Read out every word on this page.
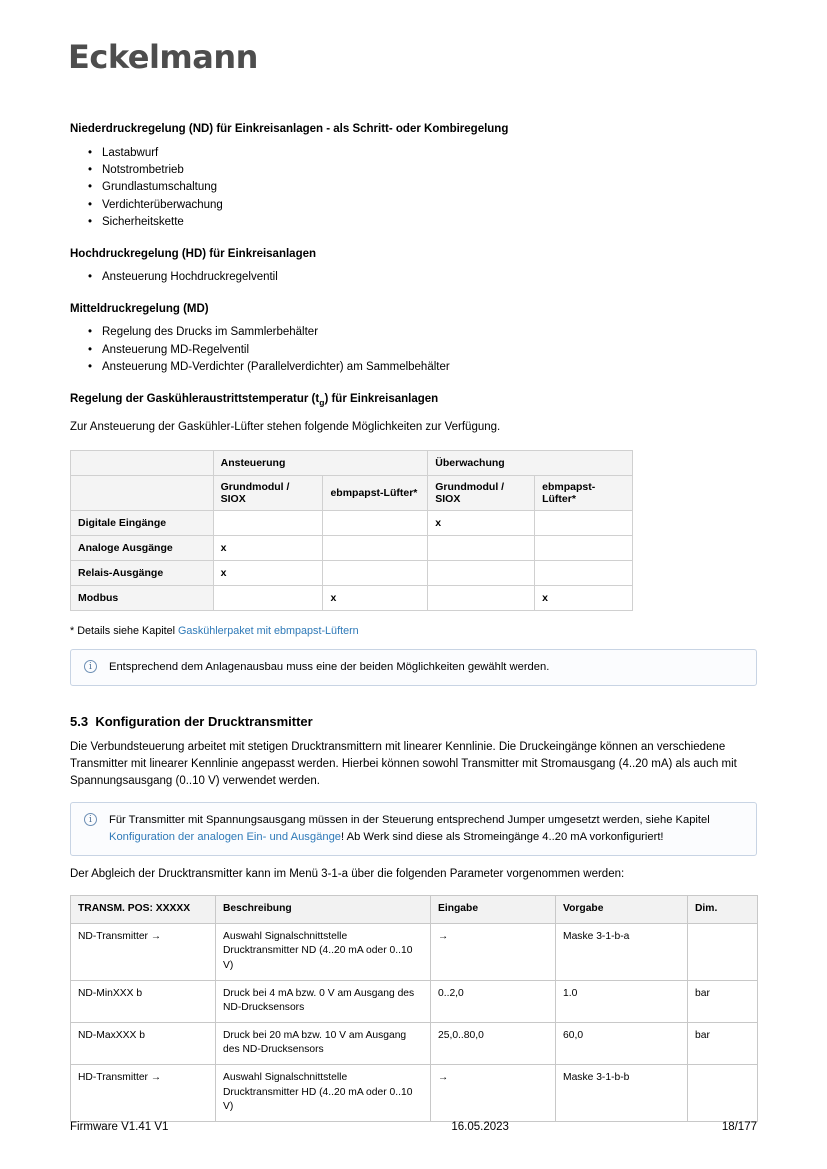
Eckelmann
Niederdruckregelung (ND) für Einkreisanlagen - als Schritt- oder Kombiregelung
• Lastabwurf
• Notstrombetrieb
• Grundlastumschaltung
• Verdichterüberwachung
• Sicherheitskette
Hochdruckregelung (HD) für Einkreisanlagen
• Ansteuerung Hochdruckregelventil
Mitteldruckregelung (MD)
• Regelung des Drucks im Sammlerbehälter
• Ansteuerung MD-Regelventil
• Ansteuerung MD-Verdichter (Parallelverdichter) am Sammelbehälter
Regelung der Gaskühleraustrittstemperatur $(t_g)$ für Einkreisanlagen

Zur Ansteuerung der Gaskühler-Lüfter stehen folgende Möglichkeiten zur Verfügung.

	Ansteuerung		Überwachung	
	Grundmodul / SIOX	ebmpapst-Lüfter*	Grundmodul / SIOX	ebmpapst-Lüfter*
Digitale Eingänge			x	
Analoge Ausgänge	x			
Relais-Ausgänge	x			
Modbus		x		x

* Details siehe Kapitel Gaskühlerpaket mit ebmpapst-Lüftern

i	Entsprechend dem Anlagenausbau muss eine der beiden Möglichkeiten gewählt werden.
5.3 Konfiguration der Drucktransmitter

Die Verbundsteuerung arbeitet mit stetigen Drucktransmittern mit linearer Kennlinie. Die Druckeingänge können an verschiedene Transmitter mit linearer Kennlinie angepasst werden. Hierbei können sowohl Transmitter mit Stromausgang (4..20 mA) als auch mit Spannungsausgang (0..10 V) verwendet werden.

i	Für Transmitter mit Spannungsausgang müssen in der Steuerung entsprechend Jumper umgesetzt werden, siehe Kapitel Konfiguration der analogen Ein- und Ausgänge! Ab Werk sind diese als Stromeingänge 4..20 mA vorkonfiguriert!

Der Abgleich der Drucktransmitter kann im Menü 3-1-a über die folgenden Parameter vorgenommen werden:

TRANSM. POS: XXXXX	Beschreibung	Eingabe	Vorgabe	Dim.
ND-Transmitter →	Auswahl Signalschnittstelle Drucktransmitter ND (4..20 mA oder 0..10 V)	→	Maske 3-1-b-a	
ND-MinXXX b	Druck bei 4 mA bzw. 0 V am Ausgang des ND-Drucksensors	0..2,0	1.0	bar
ND-MaxXXX b	Druck bei 20 mA bzw. 10 V am Ausgang des ND-Drucksensors	25,0..80,0	60,0	bar
HD-Transmitter →	Auswahl Signalschnittstelle Drucktransmitter HD (4..20 mA oder 0..10 V)	→	Maske 3-1-b-b	
Firmware V1.41 V1	16.05.2023	18/177
